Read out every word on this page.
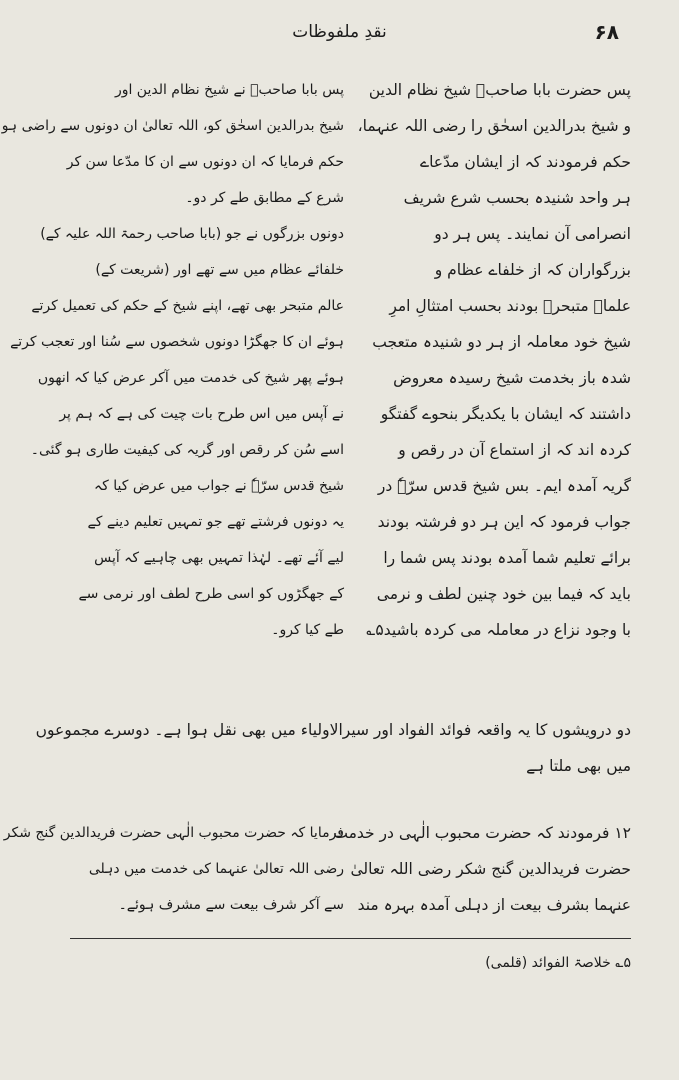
۶۸
نقدِ ملفوظات
پس حضرت بابا صاحبؒ شیخ نظام الدین
و شیخ بدرالدین اسحٰق را رضی اللہ عنہما،
حکم فرمودند کہ از ایشان مدّعاے
ہر واحد شنیدہ بحسب شرع شریف
انصرامی آن نمایند۔ پس ہر دو
بزرگواران کہ از خلفاے عظام و
علماے متبحرؔ بودند بحسب امتثالِ امرِ
شیخ خود معاملہ از ہر دو شنیدہ متعجب
شدہ باز بخدمت شیخ رسیدہ معروض
داشتند کہ ایشان با یکدیگر بنحوے گفتگو
کردہ اند کہ از استماع آن در رقص و
گریہ آمدہ ایم۔ بس شیخ قدس سرّہٗ در
جواب فرمود کہ این ہر دو فرشتہ بودند
برائے تعلیم شما آمدہ بودند پس شما را
باید کہ فیما بین خود چنین لطف و نرمی
با وجود نزاع در معاملہ می کردہ باشید۵؎
پس بابا صاحبؒ نے شیخ نظام الدین اور
شیخ بدرالدین اسحٰق کو، اللہ تعالیٰ ان دونوں سے راضی ہو
حکم فرمایا کہ ان دونوں سے ان کا مدّعا سن کر
شرع کے مطابق طے کر دو۔
دونوں بزرگوں نے جو (بابا صاحب رحمۃ اللہ علیہ کے)
خلفائے عظام میں سے تھے اور (شریعت کے)
عالم متبحر بھی تھے، اپنے شیخ کے حکم کی تعمیل کرتے
ہوئے ان کا جھگڑا دونوں شخصوں سے سُنا اور تعجب کرتے
ہوئے پھر شیخ کی خدمت میں آکر عرض کیا کہ انھوں
نے آپس میں اس طرح بات چیت کی ہے کہ ہم پر
اسے سُن کر رقص اور گریہ کی کیفیت طاری ہو گئی۔
شیخ قدس سرّہٗ نے جواب میں عرض کیا کہ
یہ دونوں فرشتے تھے جو تمہیں تعلیم دینے کے
لیے آئے تھے۔ لہٰذا تمہیں بھی چاہیے کہ آپس
کے جھگڑوں کو اسی طرح لطف اور نرمی سے
طے کیا کرو۔
دو درویشوں کا یہ واقعہ فوائد الفواد اور سیرالاولیاء میں بھی نقل ہوا ہے۔ دوسرے مجموعوں
میں بھی ملتا ہے
۱۲ فرمودند کہ حضرت محبوب الٰہی در خدمت
حضرت فریدالدین گنج شکر رضی اللہ تعالیٰ
عنہما بشرف بیعت از دہلی آمدہ بہرہ مند
فرمایا کہ حضرت محبوب الٰہی حضرت فریدالدین گنج شکر
رضی اللہ تعالیٰ عنہما کی خدمت میں دہلی
سے آکر شرف بیعت سے مشرف ہوئے۔
۵؎ خلاصۃ الفوائد (قلمی)
